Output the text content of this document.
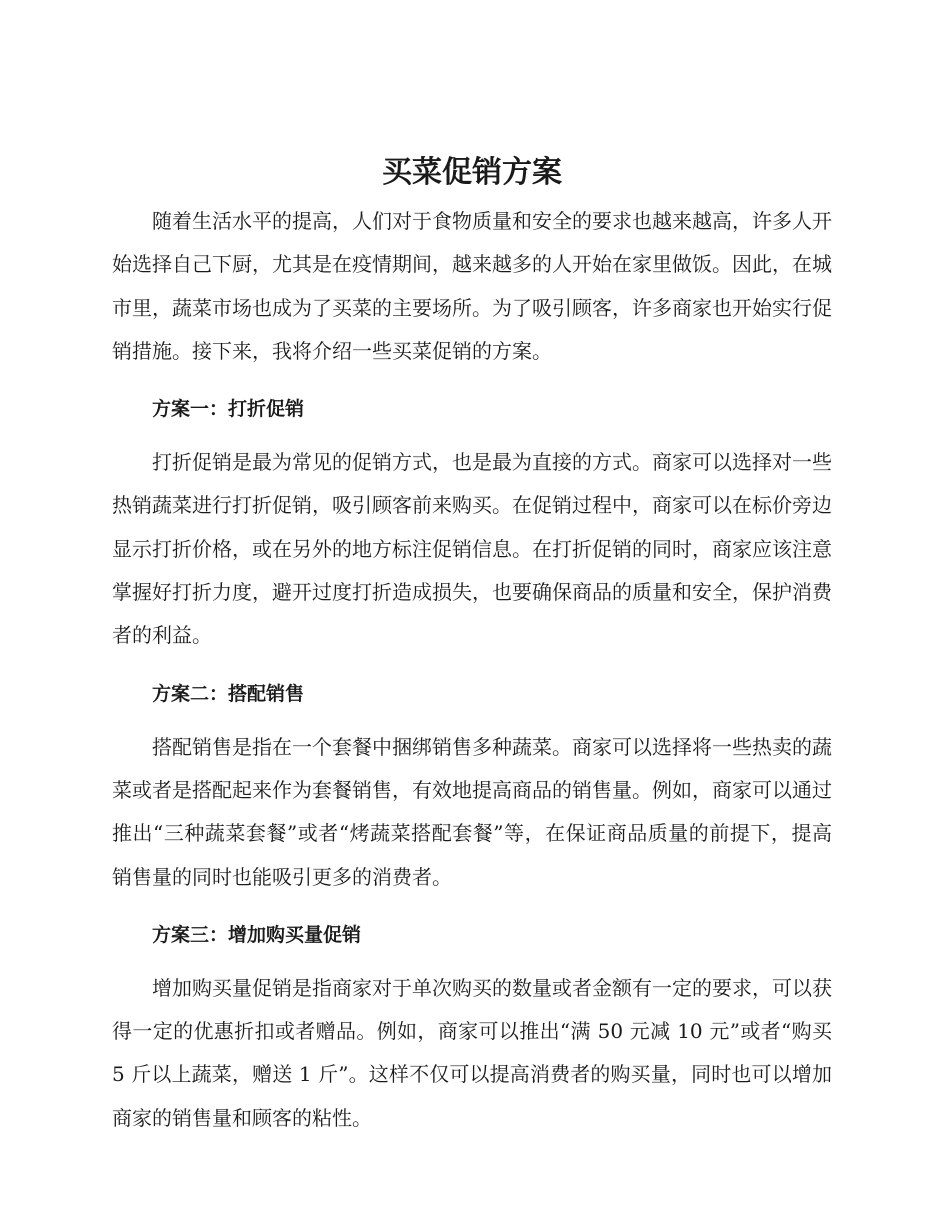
买菜促销方案

随着生活水平的提高，人们对于食物质量和安全的要求也越来越高，许多人开始选择自己下厨，尤其是在疫情期间，越来越多的人开始在家里做饭。因此，在城市里，蔬菜市场也成为了买菜的主要场所。为了吸引顾客，许多商家也开始实行促销措施。接下来，我将介绍一些买菜促销的方案。

方案一：打折促销

打折促销是最为常见的促销方式，也是最为直接的方式。商家可以选择对一些热销蔬菜进行打折促销，吸引顾客前来购买。在促销过程中，商家可以在标价旁边显示打折价格，或在另外的地方标注促销信息。在打折促销的同时，商家应该注意掌握好打折力度，避开过度打折造成损失，也要确保商品的质量和安全，保护消费者的利益。

方案二：搭配销售

搭配销售是指在一个套餐中捆绑销售多种蔬菜。商家可以选择将一些热卖的蔬菜或者是搭配起来作为套餐销售，有效地提高商品的销售量。例如，商家可以通过推出“三种蔬菜套餐”或者“烤蔬菜搭配套餐”等，在保证商品质量的前提下，提高销售量的同时也能吸引更多的消费者。

方案三：增加购买量促销

增加购买量促销是指商家对于单次购买的数量或者金额有一定的要求，可以获得一定的优惠折扣或者赠品。例如，商家可以推出“满 50 元减 10 元”或者“购买 5 斤以上蔬菜，赠送 1 斤”。这样不仅可以提高消费者的购买量，同时也可以增加商家的销售量和顾客的粘性。
